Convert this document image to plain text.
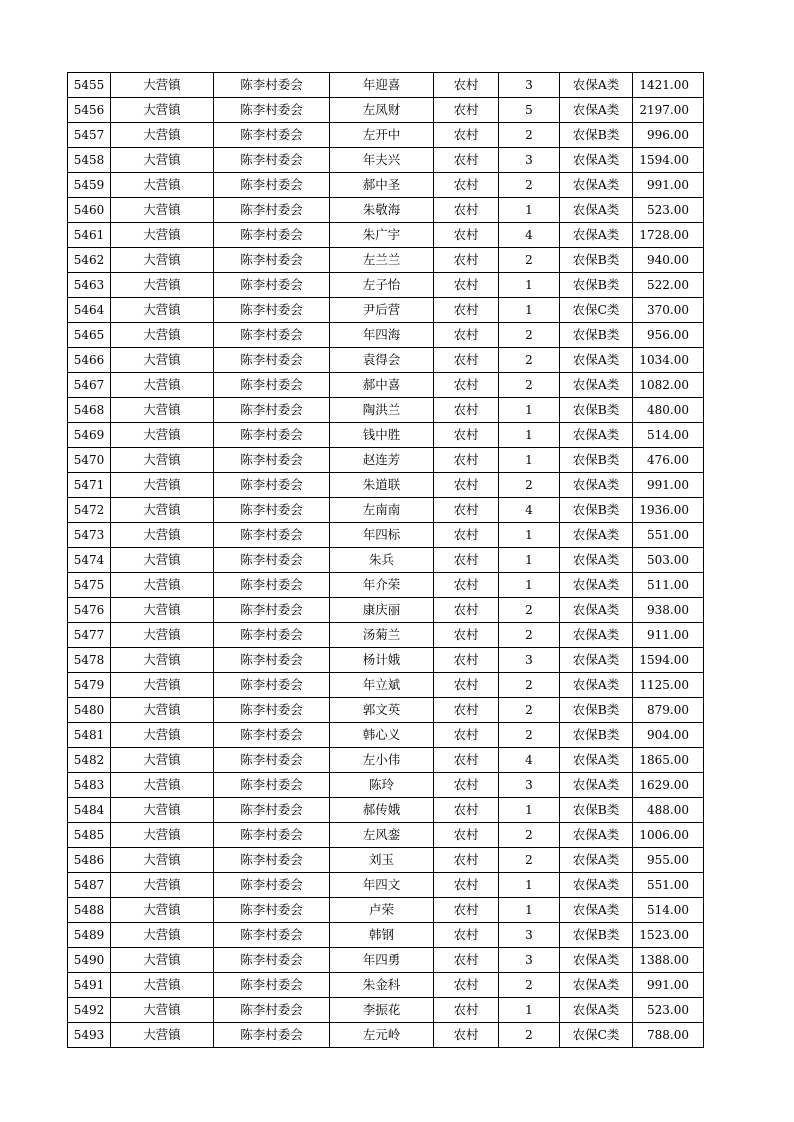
5455	大营镇	陈李村委会	年迎喜	农村	3	农保A类	1421.00
5456	大营镇	陈李村委会	左凤财	农村	5	农保A类	2197.00
5457	大营镇	陈李村委会	左开中	农村	2	农保B类	996.00
5458	大营镇	陈李村委会	年夫兴	农村	3	农保A类	1594.00
5459	大营镇	陈李村委会	郝中圣	农村	2	农保A类	991.00
5460	大营镇	陈李村委会	朱敬海	农村	1	农保A类	523.00
5461	大营镇	陈李村委会	朱广宇	农村	4	农保A类	1728.00
5462	大营镇	陈李村委会	左兰兰	农村	2	农保B类	940.00
5463	大营镇	陈李村委会	左子怡	农村	1	农保B类	522.00
5464	大营镇	陈李村委会	尹后营	农村	1	农保C类	370.00
5465	大营镇	陈李村委会	年四海	农村	2	农保B类	956.00
5466	大营镇	陈李村委会	袁得会	农村	2	农保A类	1034.00
5467	大营镇	陈李村委会	郝中喜	农村	2	农保A类	1082.00
5468	大营镇	陈李村委会	陶洪兰	农村	1	农保B类	480.00
5469	大营镇	陈李村委会	钱中胜	农村	1	农保A类	514.00
5470	大营镇	陈李村委会	赵连芳	农村	1	农保B类	476.00
5471	大营镇	陈李村委会	朱道联	农村	2	农保A类	991.00
5472	大营镇	陈李村委会	左南南	农村	4	农保B类	1936.00
5473	大营镇	陈李村委会	年四标	农村	1	农保A类	551.00
5474	大营镇	陈李村委会	朱兵	农村	1	农保A类	503.00
5475	大营镇	陈李村委会	年介荣	农村	1	农保A类	511.00
5476	大营镇	陈李村委会	康庆丽	农村	2	农保A类	938.00
5477	大营镇	陈李村委会	汤菊兰	农村	2	农保A类	911.00
5478	大营镇	陈李村委会	杨计娥	农村	3	农保A类	1594.00
5479	大营镇	陈李村委会	年立斌	农村	2	农保A类	1125.00
5480	大营镇	陈李村委会	郭文英	农村	2	农保B类	879.00
5481	大营镇	陈李村委会	韩心义	农村	2	农保B类	904.00
5482	大营镇	陈李村委会	左小伟	农村	4	农保A类	1865.00
5483	大营镇	陈李村委会	陈玲	农村	3	农保A类	1629.00
5484	大营镇	陈李村委会	郝传娥	农村	1	农保B类	488.00
5485	大营镇	陈李村委会	左风銮	农村	2	农保A类	1006.00
5486	大营镇	陈李村委会	刘玉	农村	2	农保A类	955.00
5487	大营镇	陈李村委会	年四文	农村	1	农保A类	551.00
5488	大营镇	陈李村委会	卢荣	农村	1	农保A类	514.00
5489	大营镇	陈李村委会	韩钢	农村	3	农保B类	1523.00
5490	大营镇	陈李村委会	年四勇	农村	3	农保A类	1388.00
5491	大营镇	陈李村委会	朱金科	农村	2	农保A类	991.00
5492	大营镇	陈李村委会	李振花	农村	1	农保A类	523.00
5493	大营镇	陈李村委会	左元岭	农村	2	农保C类	788.00
